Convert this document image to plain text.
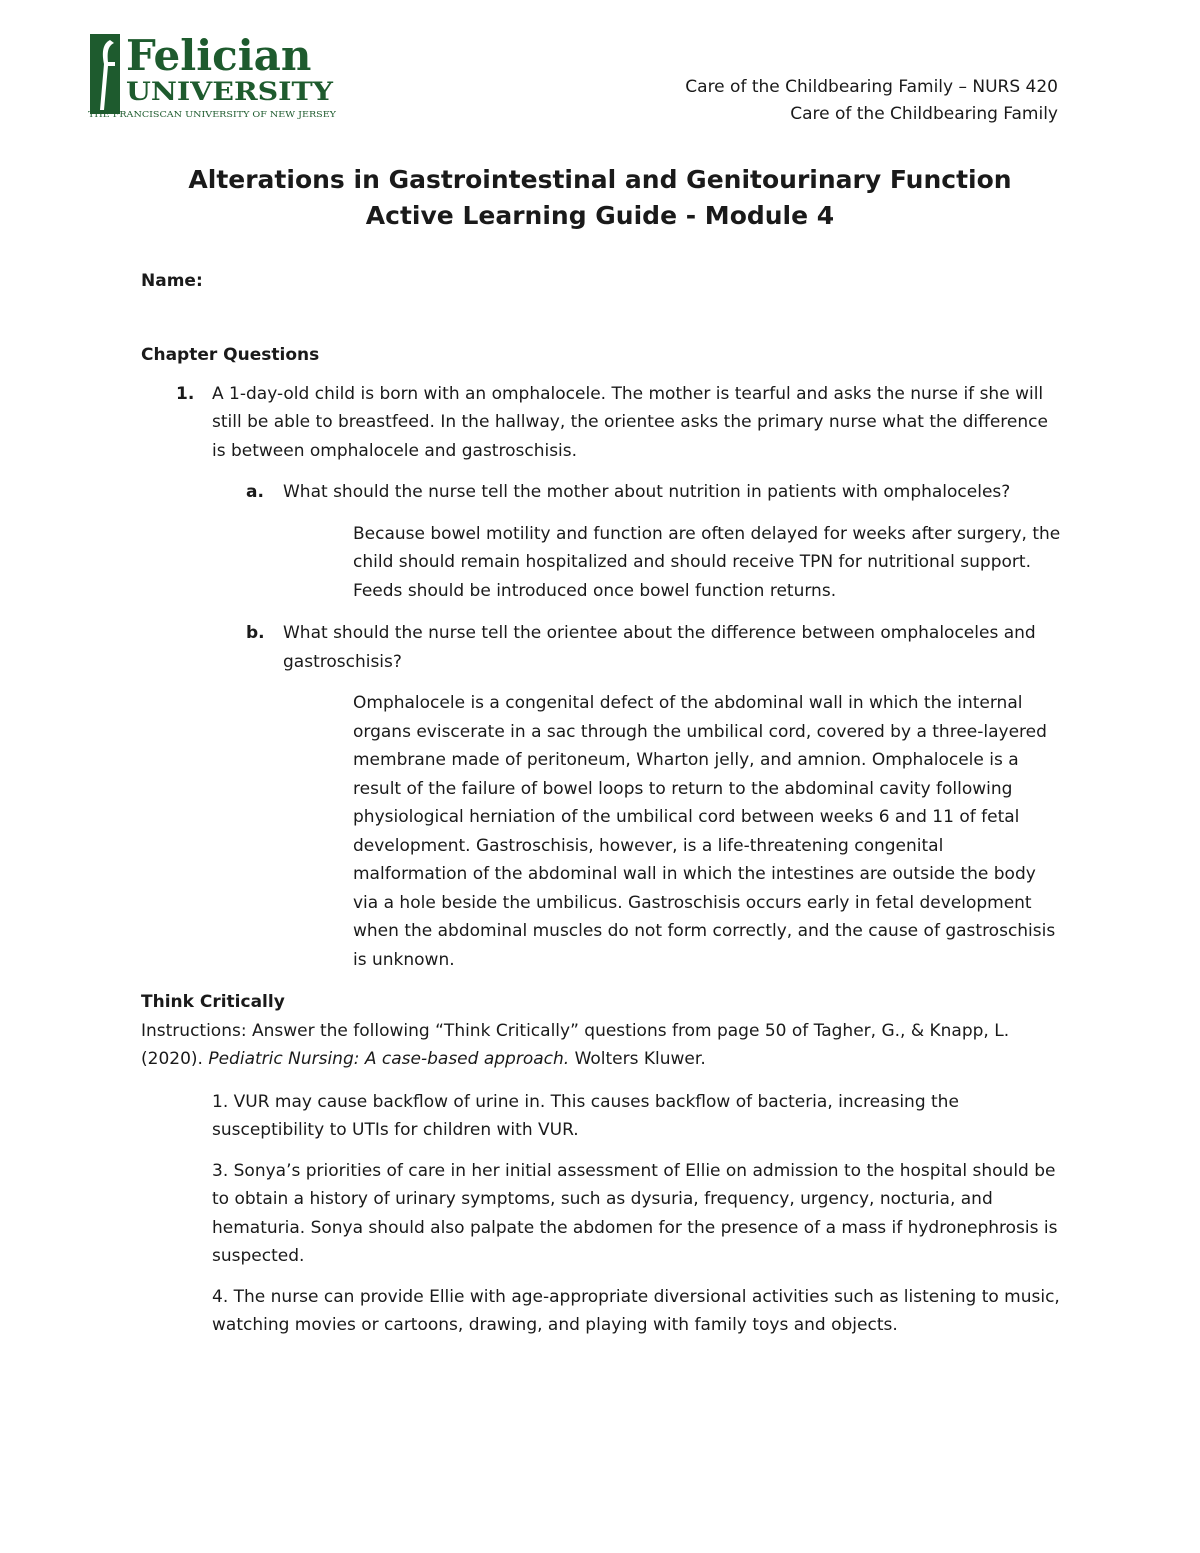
Felician
UNIVERSITY
THE FRANCISCAN UNIVERSITY OF NEW JERSEY
Care of the Childbearing Family – NURS 420
Care of the Childbearing Family
Alterations in Gastrointestinal and Genitourinary Function
Active Learning Guide - Module 4
Name:

Chapter Questions

1.	A 1-day-old child is born with an omphalocele. The mother is tearful and asks the nurse if she will still be able to breastfeed. In the hallway, the orientee asks the primary nurse what the difference is between omphalocele and gastroschisis.
a.	What should the nurse tell the mother about nutrition in patients with omphaloceles?
Because bowel motility and function are often delayed for weeks after surgery, the child should remain hospitalized and should receive TPN for nutritional support. Feeds should be introduced once bowel function returns.
b.	What should the nurse tell the orientee about the difference between omphaloceles and gastroschisis?
Omphalocele is a congenital defect of the abdominal wall in which the internal organs eviscerate in a sac through the umbilical cord, covered by a three-layered membrane made of peritoneum, Wharton jelly, and amnion. Omphalocele is a result of the failure of bowel loops to return to the abdominal cavity following physiological herniation of the umbilical cord between weeks 6 and 11 of fetal development. Gastroschisis, however, is a life-threatening congenital malformation of the abdominal wall in which the intestines are outside the body via a hole beside the umbilicus. Gastroschisis occurs early in fetal development when the abdominal muscles do not form correctly, and the cause of gastroschisis is unknown.

Think Critically

Instructions: Answer the following “Think Critically” questions from page 50 of Tagher, G., & Knapp, L. (2020). Pediatric Nursing: A case-based approach. Wolters Kluwer.

1. VUR may cause backflow of urine in. This causes backflow of bacteria, increasing the susceptibility to UTIs for children with VUR.
3. Sonya’s priorities of care in her initial assessment of Ellie on admission to the hospital should be to obtain a history of urinary symptoms, such as dysuria, frequency, urgency, nocturia, and hematuria. Sonya should also palpate the abdomen for the presence of a mass if hydronephrosis is suspected.
4. The nurse can provide Ellie with age-appropriate diversional activities such as listening to music, watching movies or cartoons, drawing, and playing with family toys and objects.
